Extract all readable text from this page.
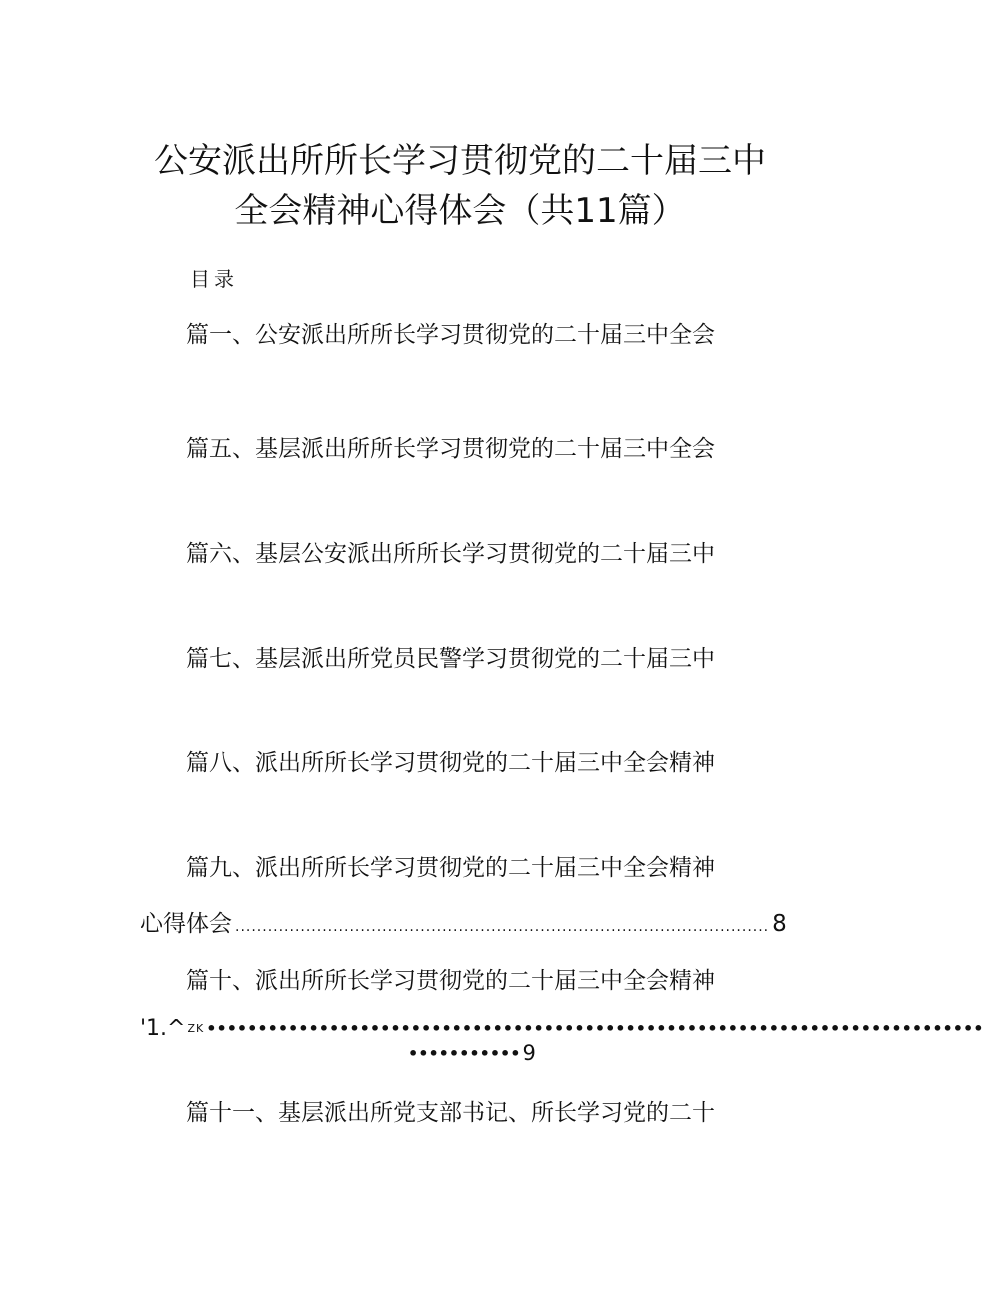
公安派出所所长学习贯彻党的二十届三中
全会精神心得体会（共11篇）
目录
篇一、公安派出所所长学习贯彻党的二十届三中全会
篇五、基层派出所所长学习贯彻党的二十届三中全会
篇六、基层公安派出所所长学习贯彻党的二十届三中
篇七、基层派出所党员民警学习贯彻党的二十届三中
篇八、派出所所长学习贯彻党的二十届三中全会精神
篇九、派出所所长学习贯彻党的二十届三中全会精神
心得体会 .................................................................................................. 8
篇十、派出所所长学习贯彻党的二十届三中全会精神
'1.^ ZK ••••••••••••••••••••••••••••••••••••••••••••••••••••••••••••••••••••••••••••
••••••••••• 9
篇十一、基层派出所党支部书记、所长学习党的二十
